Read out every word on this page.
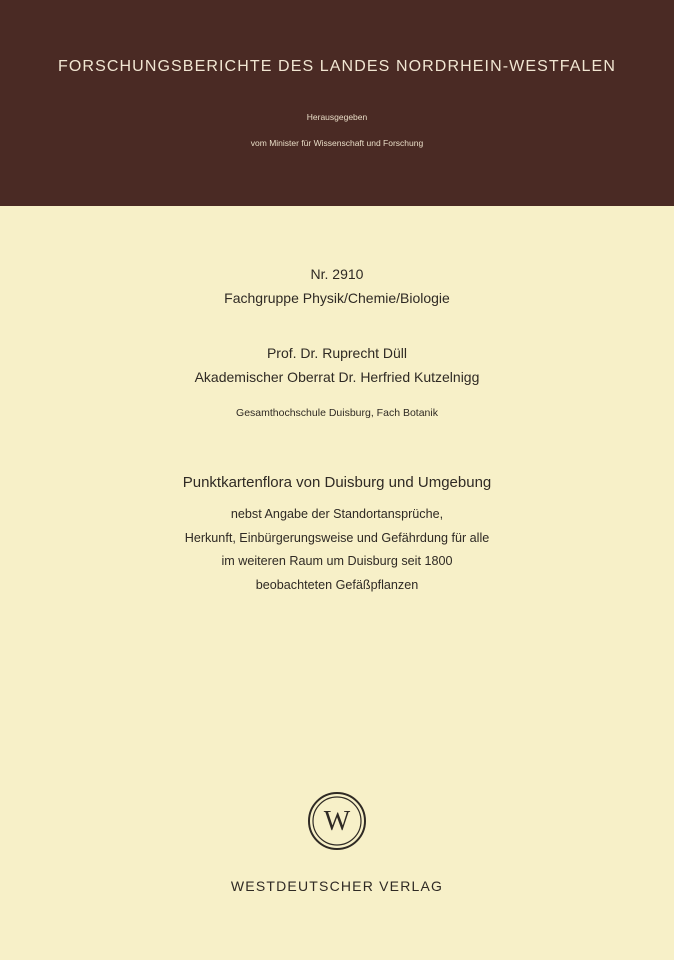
FORSCHUNGSBERICHTE DES LANDES NORDRHEIN-WESTFALEN
Herausgegeben
vom Minister für Wissenschaft und Forschung
Nr. 2910
Fachgruppe Physik/Chemie/Biologie
Prof. Dr. Ruprecht Düll
Akademischer Oberrat Dr. Herfried Kutzelnigg
Gesamthochschule Duisburg, Fach Botanik
Punktkartenflora von Duisburg und Umgebung
nebst Angabe der Standortansprüche,
Herkunft, Einbürgerungsweise und Gefährdung für alle
im weiteren Raum um Duisburg seit 1800
beobachteten Gefäßpflanzen
W
WESTDEUTSCHER VERLAG
